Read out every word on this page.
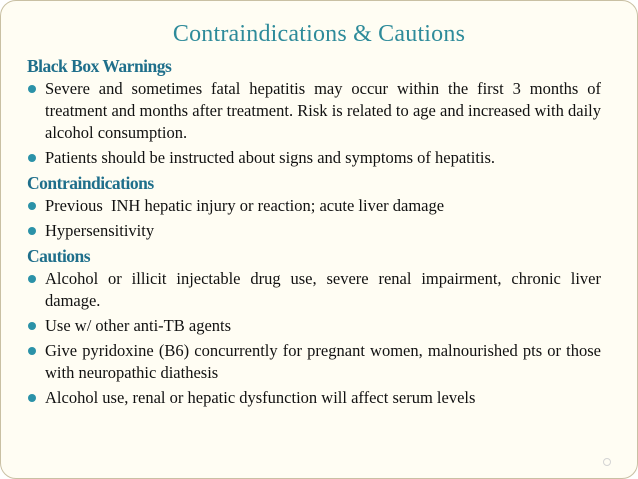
Contraindications & Cautions
Black Box Warnings
Severe and sometimes fatal hepatitis may occur within the first 3 months of treatment and months after treatment. Risk is related to age and increased with daily alcohol consumption.
Patients should be instructed about signs and symptoms of hepatitis.
Contraindications
Previous  INH hepatic injury or reaction; acute liver damage
Hypersensitivity
Cautions
Alcohol or illicit injectable drug use, severe renal impairment, chronic liver damage.
Use w/ other anti-TB agents
Give pyridoxine (B6) concurrently for pregnant women, malnourished pts or those with neuropathic diathesis
Alcohol use, renal or hepatic dysfunction will affect serum levels
